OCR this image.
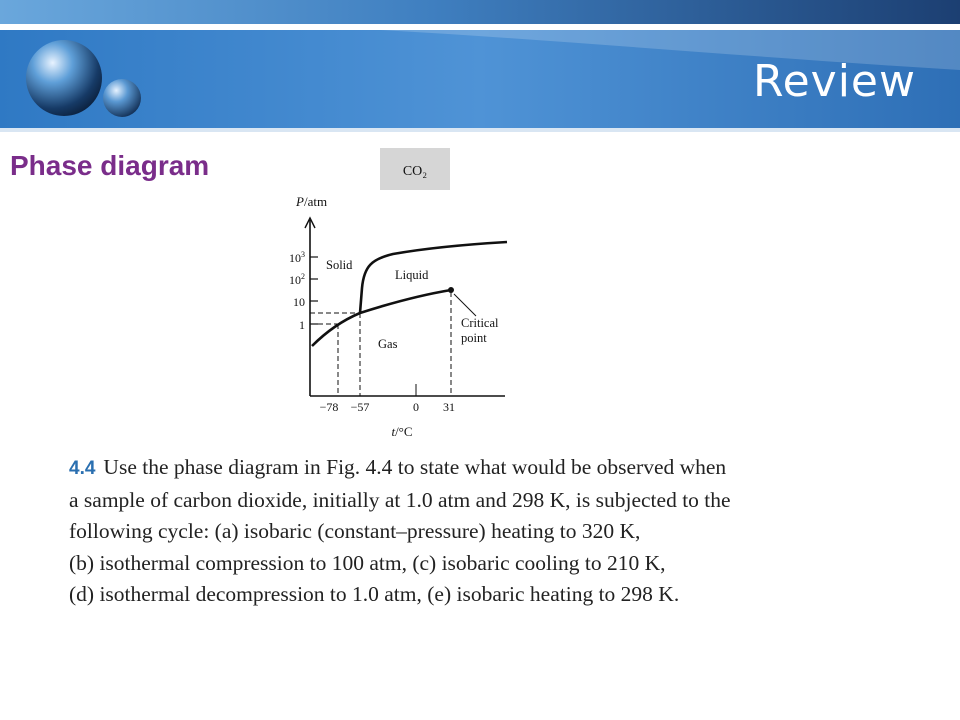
Review
Phase diagram	CO₂
P/atm
$10^3$
$10^2$
10
1
Solid
Liquid
Gas
Critical
point
−78 −57	0 31
t/°C
4.4 Use the phase diagram in Fig. 4.4 to state what would be observed when
a sample of carbon dioxide, initially at 1.0 atm and 298 K, is subjected to the
following cycle: (a) isobaric (constant–pressure) heating to 320 K,
(b) isothermal compression to 100 atm, (c) isobaric cooling to 210 K,
(d) isothermal decompression to 1.0 atm, (e) isobaric heating to 298 K.
